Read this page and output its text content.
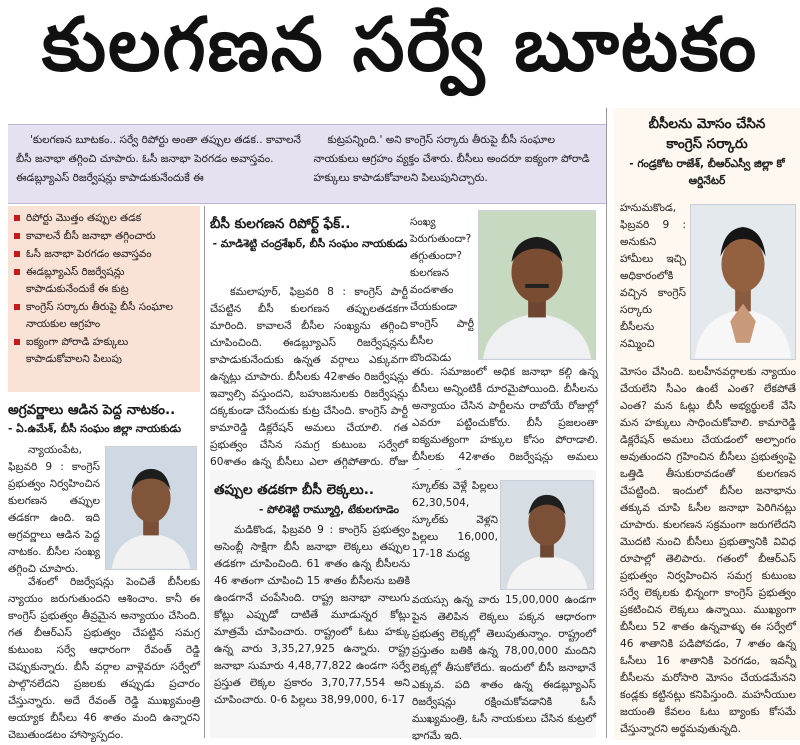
కులగణన సర్వే బూటకం

'కులగణన బూటకం.. సర్వే రిపోర్టు అంతా తప్పుల తడక.. కావాలనే బీసీ జనాభా తగ్గించి చూపారు. ఓసీ జనాభా పెరగడం అవాస్తవం. ఈడబ్ల్యూఎస్‌ రిజర్వేషన్లు కాపాడుకునేందుకే ఈ

కుట్రపన్నింది.' అని కాంగ్రెస్‌ సర్కారు తీరుపై బీసీ సంఘాల నాయకులు ఆగ్రహం వ్యక్తం చేశారు. బీసీలు అందరూ ఐక్యంగా పోరాడి హక్కులు కాపాడుకోవాలని పిలుపునిచ్చారు.

రిపోర్టు మొత్తం తప్పుల తడక
కావాలనే బీసీ జనాభా తగ్గించారు
ఓసీ జనాభా పెరగడం అవాస్తవం
ఈడబ్ల్యూఎస్‌ రిజర్వేషన్లు కాపాడుకునేందుకే ఈ కుట్ర
కాంగ్రెస్‌ సర్కారు తీరుపై బీసీ సంఘాల నాయకుల ఆగ్రహం
ఐక్యంగా పోరాడి హక్కులు కాపాడుకోవాలని పిలుపు
అగ్రవర్ణాలు ఆడిన పెద్ద నాటకం..
- ఏ.ఉమేశ్‌, బీసీ సంఘం జిల్లా నాయకుడు

న్యాయంపేట, ఫిబ్రవరి 9 : కాంగ్రెస్‌ ప్రభుత్వం నిర్వహించిన కులగణన తప్పుల తడకగా ఉంది. ఇది అగ్రవర్ణాలు ఆడిన పెద్ద నాటకం. బీసీల సంఖ్య తగ్గించి చూపారు.

వేశంలో రిజర్వేషన్లు పెంచితే బీసీలకు న్యాయం జరుగుతుందని ఆశించాం. కానీ ఈ కాంగ్రెస్‌ ప్రభుత్వం తీవ్రమైన అన్యాయం చేసింది. గత బీఆర్‌ఎస్‌ ప్రభుత్వం చేపట్టిన సమగ్ర కుటుంబ సర్వే ఆధారంగా రేవంత్‌ రెడ్డి చెప్పుకున్నారు. బీసీ వర్గాల వాళ్లెవరూ సర్వేలో పాల్గొనలేదని ప్రజలకు తప్పుడు ప్రచారం చేస్తున్నారు. అదే రేవంత్‌ రెడ్డి ముఖ్యమంత్రి అయ్యాక బీసీలు 46 శాతం మంది ఉన్నారని చెబుతుండటం హాస్యాస్పదం.

బీసీ కులగణన రిపోర్ట్‌ ఫేక్‌..
- మాడిశెట్టి చంద్రశేఖర్‌, బీసీ సంఘం నాయకుడు

సంఖ్య పెరుగుతుందా? తగ్గుతుందా? కులగణన వందశాతం చేయకుండా కాంగ్రెస్‌ పార్టీ బీసీల బొందపెడు

కమలాపూర్‌, ఫిబ్రవరి 8 : కాంగ్రెస్‌ పార్టీ చేపట్టిన బీసీ కులగణన తప్పులతడకగా మారింది. కావాలనే బీసీల సంఖ్యను తగ్గించి చూపించింది. ఈడబ్ల్యూఎస్‌ రిజర్వేషన్లను కాపాడుకునేందుకు ఉన్నత వర్గాలు ఎక్కువగా ఉన్నట్లు చూపారు. బీసీలకు 42శాతం రిజర్వేషన్లు ఇవ్వాల్సి వస్తుందని, బహుజనులకు రిజర్వేషన్లు దక్కకుండా చేసేందుకు కుట్ర చేసింది. కాంగ్రెస్‌ పార్టీ కామారెడ్డి డిక్లరేషన్‌ అమలు చేయాలి. గత ప్రభుత్వం చేసిన సమగ్ర కుటుంబ సర్వేలో 60శాతం ఉన్న బీసీలు ఎలా తగ్గిపోతారు. రోజు

తరు. సమాజంలో అధిక జనాభా కల్గి ఉన్న బీసీలు అన్నింటికీ దూరమైపోయింది. బీసీలను అన్యాయం చేసిన పార్టీలను రాబోయే రోజుల్లో ఎవరూ పట్టించుకోరు. బీసీ ప్రజలంతా ఐక్యమత్యంగా హక్కుల కోసం పోరాడాలి. బీసీలకు 42శాతం రిజర్వేషన్లు అమలు

తప్పుల తడకగా బీసీ లెక్కలు..
- పోలిశెట్టి రామ్మూర్తి, టేకులగూడెం

మడికొండ, ఫిబ్రవరి 9 : కాంగ్రెస్‌ ప్రభుత్వం అసెంబ్లీ సాక్షిగా బీసీ జనాభా లెక్కలు తప్పుల తడకగా చూపించింది. 61 శాతం ఉన్న బీసీలను 46 శాతంగా చూపించి 15 శాతం బీసీలను బతికి ఉండగానే చంపేసింది. రాష్ట్ర జనాభా నాలుగు కోట్లు ఎప్పుడో దాటితే మూడున్నర కోట్లు మాత్రమే చూపించారు. రాష్ట్రంలో ఓటు హక్కు ఉన్న వారు 3,35,27,925 ఉన్నారు. రాష్ట్ర జనాభా సుమారు 4,48,77,822 ఉండగా సర్వే ప్రస్తుత లెక్కల ప్రకారం 3,70,77,554 అని చూపించారు. 0-6 పిల్లలు 38,99,000, 6-17

స్కూల్‌కు వెళ్లే పిల్లలు 62,30,504, స్కూల్‌కు వెళ్లని పిల్లలు 16,000, 17-18 మధ్య

వయస్సు ఉన్న వారు 15,00,000 ఉండగా పైన తెలిపిన లెక్కలు పక్కన ఆధారంగా ప్రభుత్వ లెక్కల్లో తెలుపుతున్నాం. రాష్ట్రంలో ప్రస్తుతం బతికి ఉన్న 78,00,000 మందిని లెక్కల్లో తీసుకోలేదు. ఇందులో బీసీ జనాభానే ఎక్కువ. పది శాతం ఉన్న ఈడబ్ల్యూఎస్‌ రిజర్వేషన్లు రక్షించుకోవడానికి ఓసీ ముఖ్యమంత్రి, ఓసీ నాయకులు చేసిన కుట్రలో భాగమే ఇది.

బీసీలను మోసం చేసిన
కాంగ్రెస్‌ సర్కారు
- గండ్రకోట రాజేశ్‌, బీఆర్‌ఎస్వీ జిల్లా కో ఆర్డినేటర్‌

హనుమకొండ, ఫిబ్రవరి 9 : అనుకుని హామీలు ఇచ్చి అధికారంలోకి వచ్చిన కాంగ్రెస్‌ సర్కారు బీసీలను నమ్మించి

మోసం చేసింది. బలహీనవర్గాలకు న్యాయం చేయలేని సీఎం ఉంటే ఎంత? లేకపోతే ఎంత? మన ఓట్లు బీసీ అభ్యర్థులకే వేసి మన హక్కులు సాధించుకోవాలి. కామారెడ్డి డిక్లరేషన్‌ అమలు చేయడంలో అల్పాంగం అవుతుందని గ్రహించిన బీసీలు ప్రభుత్వంపై ఒత్తిడి తీసుకురావడంతో కులగణన చేపట్టింది. ఇందులో బీసీల జనాభాను తక్కువ చూపి ఓసీల జనాభా పెరిగినట్లు చూపారు. కులగణన సక్రమంగా జరుగలేదని మొదటి నుంచి బీసీలు ప్రభుత్వానికి వివిధ రూపాల్లో తెలిపారు. గతంలో బీఆర్‌ఎస్‌ ప్రభుత్వం నిర్వహించిన సమగ్ర కుటుంబ సర్వే లెక్కలకు భిన్నంగా కాంగ్రెస్‌ ప్రభుత్వం ప్రకటించిన లెక్కలు ఉన్నాయి. ముఖ్యంగా బీసీలు 52 శాతం ఉన్నవాళ్ళు ఈ సర్వేలో 46 శాతానికి పడిపోవడం, 7 శాతం ఉన్న ఓసీలు 16 శాతానికి పెరగడం, ఇవన్నీ బీసీలను మరోసారి మోసం చేయడమేనని కండ్లకు కట్టినట్లు కనిపిస్తుంది. మహనీయుల జయంతి కేవలం ఓటు బ్యాంకు కోసమే చేస్తున్నారని అర్థమవుతున్నది.
